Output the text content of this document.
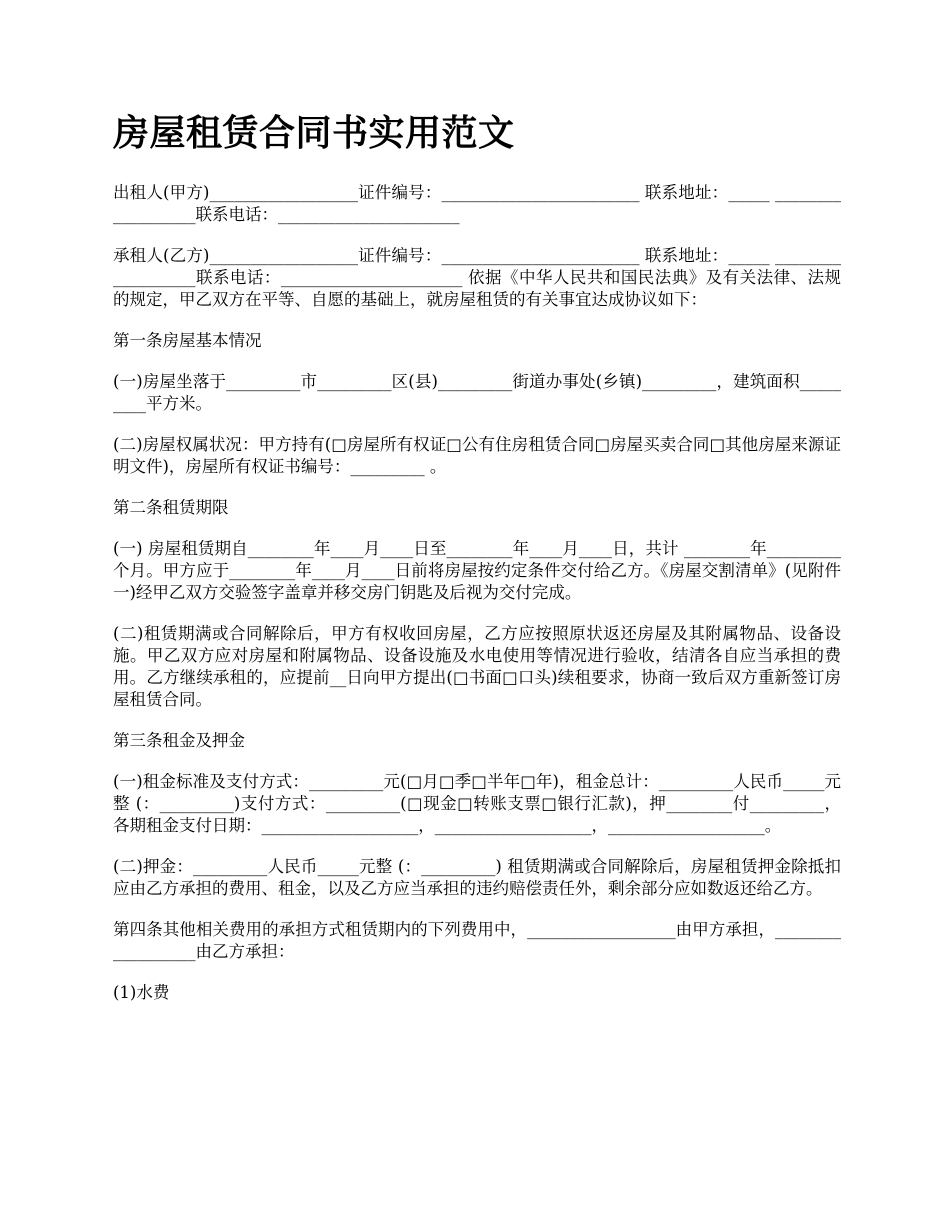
房屋租赁合同书实用范文

出租人(甲方)__________________证件编号：________________________ 联系地址：_____ __________________联系电话：______________________

承租人(乙方)__________________证件编号：________________________ 联系地址：_____ __________________联系电话：______________________ 依据《中华人民共和国民法典》及有关法律、法规的规定，甲乙双方在平等、自愿的基础上，就房屋租赁的有关事宜达成协议如下：

第一条房屋基本情况

(一)房屋坐落于_________市_________区(县)_________街道办事处(乡镇)_________，建筑面积_________平方米。

(二)房屋权属状况：甲方持有(□房屋所有权证□公有住房租赁合同□房屋买卖合同□其他房屋来源证明文件)，房屋所有权证书编号：_________ 。

第二条租赁期限

(一) 房屋租赁期自________年____月____日至________年____月____日，共计 ________年_________个月。甲方应于________年____月____日前将房屋按约定条件交付给乙方。《房屋交割清单》(见附件一)经甲乙双方交验签字盖章并移交房门钥匙及后视为交付完成。

(二)租赁期满或合同解除后，甲方有权收回房屋，乙方应按照原状返还房屋及其附属物品、设备设施。甲乙双方应对房屋和附属物品、设备设施及水电使用等情况进行验收，结清各自应当承担的费用。乙方继续承租的，应提前__日向甲方提出(□书面□口头)续租要求，协商一致后双方重新签订房屋租赁合同。

第三条租金及押金

(一)租金标准及支付方式：_________元(□月□季□半年□年)，租金总计：_________人民币_____元整 (：_________)支付方式：_________(□现金□转账支票□银行汇款)，押________付_________， 各期租金支付日期：___________________，___________________，___________________。

(二)押金：_________人民币_____元整 (：_________) 租赁期满或合同解除后，房屋租赁押金除抵扣应由乙方承担的费用、租金，以及乙方应当承担的违约赔偿责任外，剩余部分应如数返还给乙方。

第四条其他相关费用的承担方式租赁期内的下列费用中，__________________由甲方承担，__________________由乙方承担：

(1)水费
